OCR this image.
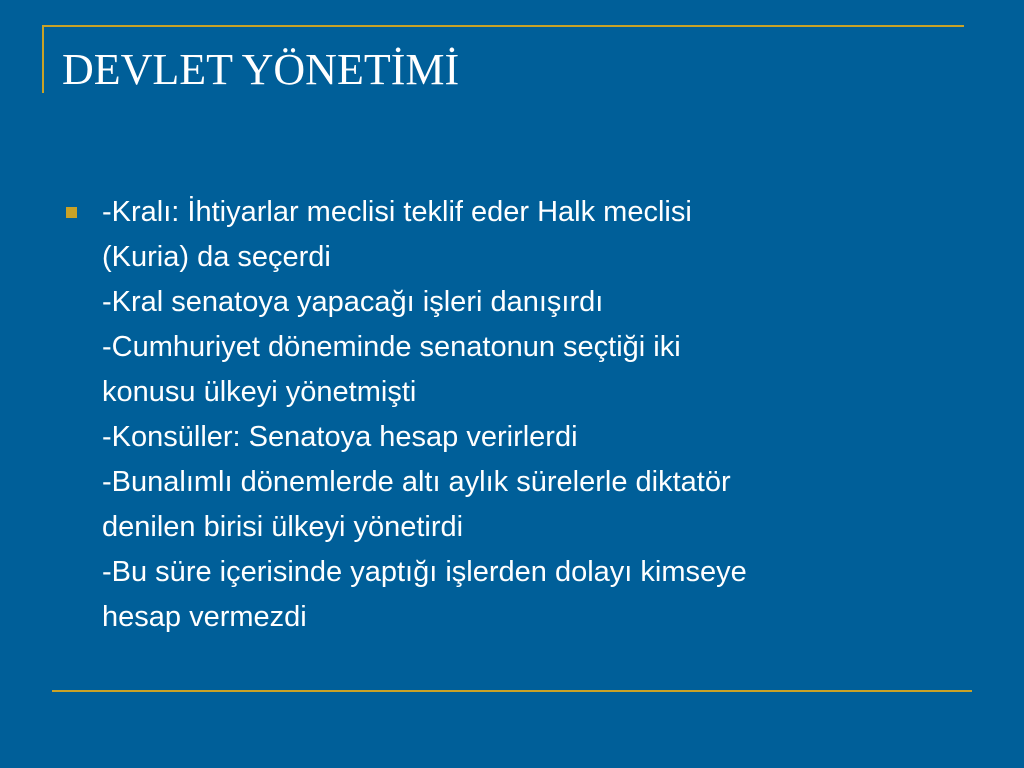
DEVLET YÖNETİMİ
-Kralı: İhtiyarlar meclisi teklif eder Halk meclisi
(Kuria) da seçerdi
-Kral senatoya yapacağı işleri danışırdı
-Cumhuriyet döneminde senatonun seçtiği iki
konusu ülkeyi yönetmişti
-Konsüller: Senatoya hesap verirlerdi
-Bunalımlı dönemlerde altı aylık sürelerle diktatör
denilen birisi ülkeyi yönetirdi
-Bu süre içerisinde yaptığı işlerden dolayı kimseye
hesap vermezdi
